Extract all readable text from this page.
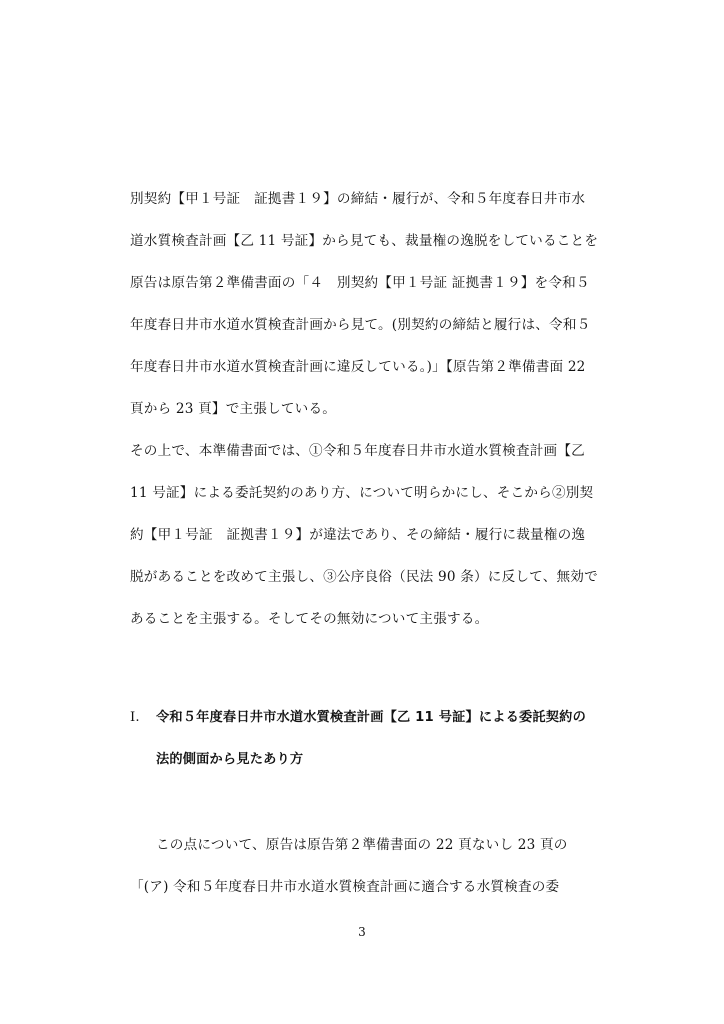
別契約【甲１号証　証拠書１９】の締結・履行が、令和５年度春日井市水
道水質検査計画【乙 11 号証】から見ても、裁量権の逸脱をしていることを
原告は原告第２準備書面の「４　別契約【甲１号証 証拠書１９】を令和５
年度春日井市水道水質検査計画から見て。(別契約の締結と履行は、令和５
年度春日井市水道水質検査計画に違反している。)」【原告第２準備書面 22
頁から 23 頁】で主張している。
その上で、本準備書面では、①令和５年度春日井市水道水質検査計画【乙
11 号証】による委託契約のあり方、について明らかにし、そこから②別契
約【甲１号証　証拠書１９】が違法であり、その締結・履行に裁量権の逸
脱があることを改めて主張し、③公序良俗（民法 90 条）に反して、無効で
あることを主張する。そしてその無効について主張する。
I. 令和５年度春日井市水道水質検査計画【乙 11 号証】による委託契約の
法的側面から見たあり方
この点について、原告は原告第２準備書面の 22 頁ないし 23 頁の
「(ア) 令和５年度春日井市水道水質検査計画に適合する水質検査の委
3
